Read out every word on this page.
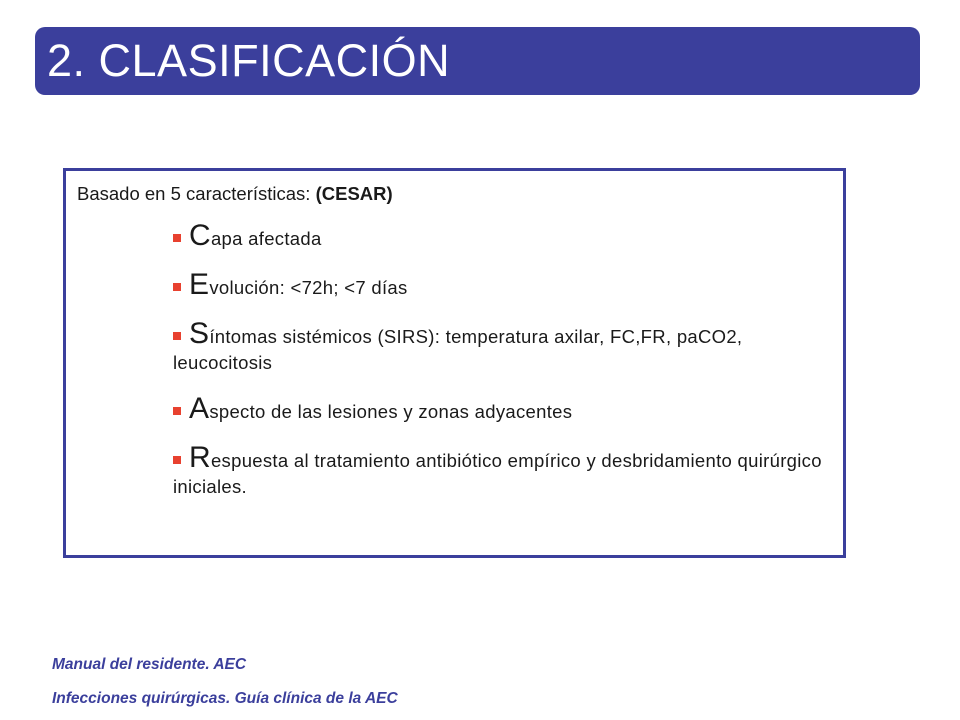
2. CLASIFICACIÓN
Basado en 5 características: (CESAR)
Capa afectada
Evolución: <72h; <7 días
Síntomas sistémicos (SIRS): temperatura axilar, FC,FR, paCO2, leucocitosis
Aspecto de las lesiones y zonas adyacentes
Respuesta al tratamiento antibiótico empírico y desbridamiento quirúrgico iniciales.
Manual del residente. AEC
Infecciones quirúrgicas. Guía clínica de la AEC
